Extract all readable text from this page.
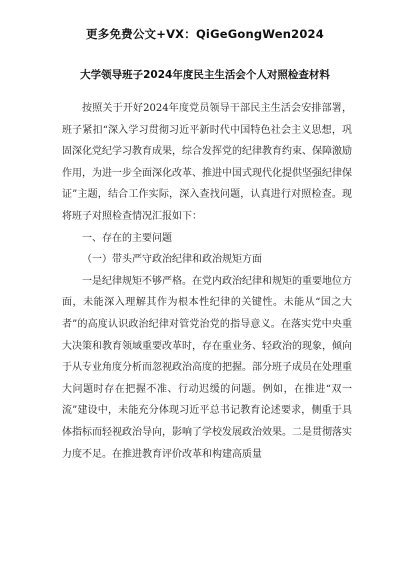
更多免费公文+VX：QiGeGongWen2024
大学领导班子2024年度民主生活会个人对照检查材料

按照关于开好2024年度党员领导干部民主生活会安排部署，班子紧扣“深入学习贯彻习近平新时代中国特色社会主义思想，巩固深化党纪学习教育成果，综合发挥党的纪律教育约束、保障激励作用，为进一步全面深化改革、推进中国式现代化提供坚强纪律保证”主题，结合工作实际，深入查找问题，认真进行对照检查。现将班子对照检查情况汇报如下：

一、存在的主要问题

（一）带头严守政治纪律和政治规矩方面

一是纪律规矩不够严格。在党内政治纪律和规矩的重要地位方面，未能深入理解其作为根本性纪律的关键性。未能从“国之大者”的高度认识政治纪律对管党治党的指导意义。在落实党中央重大决策和教育领域重要改革时，存在重业务、轻政治的现象，倾向于从专业角度分析而忽视政治高度的把握。部分班子成员在处理重大问题时存在把握不准、行动迟缓的问题。例如，在推进“双一流”建设中，未能充分体现习近平总书记教育论述要求，侧重于具体指标而轻视政治导向，影响了学校发展政治效果。二是贯彻落实力度不足。在推进教育评价改革和构建高质量
